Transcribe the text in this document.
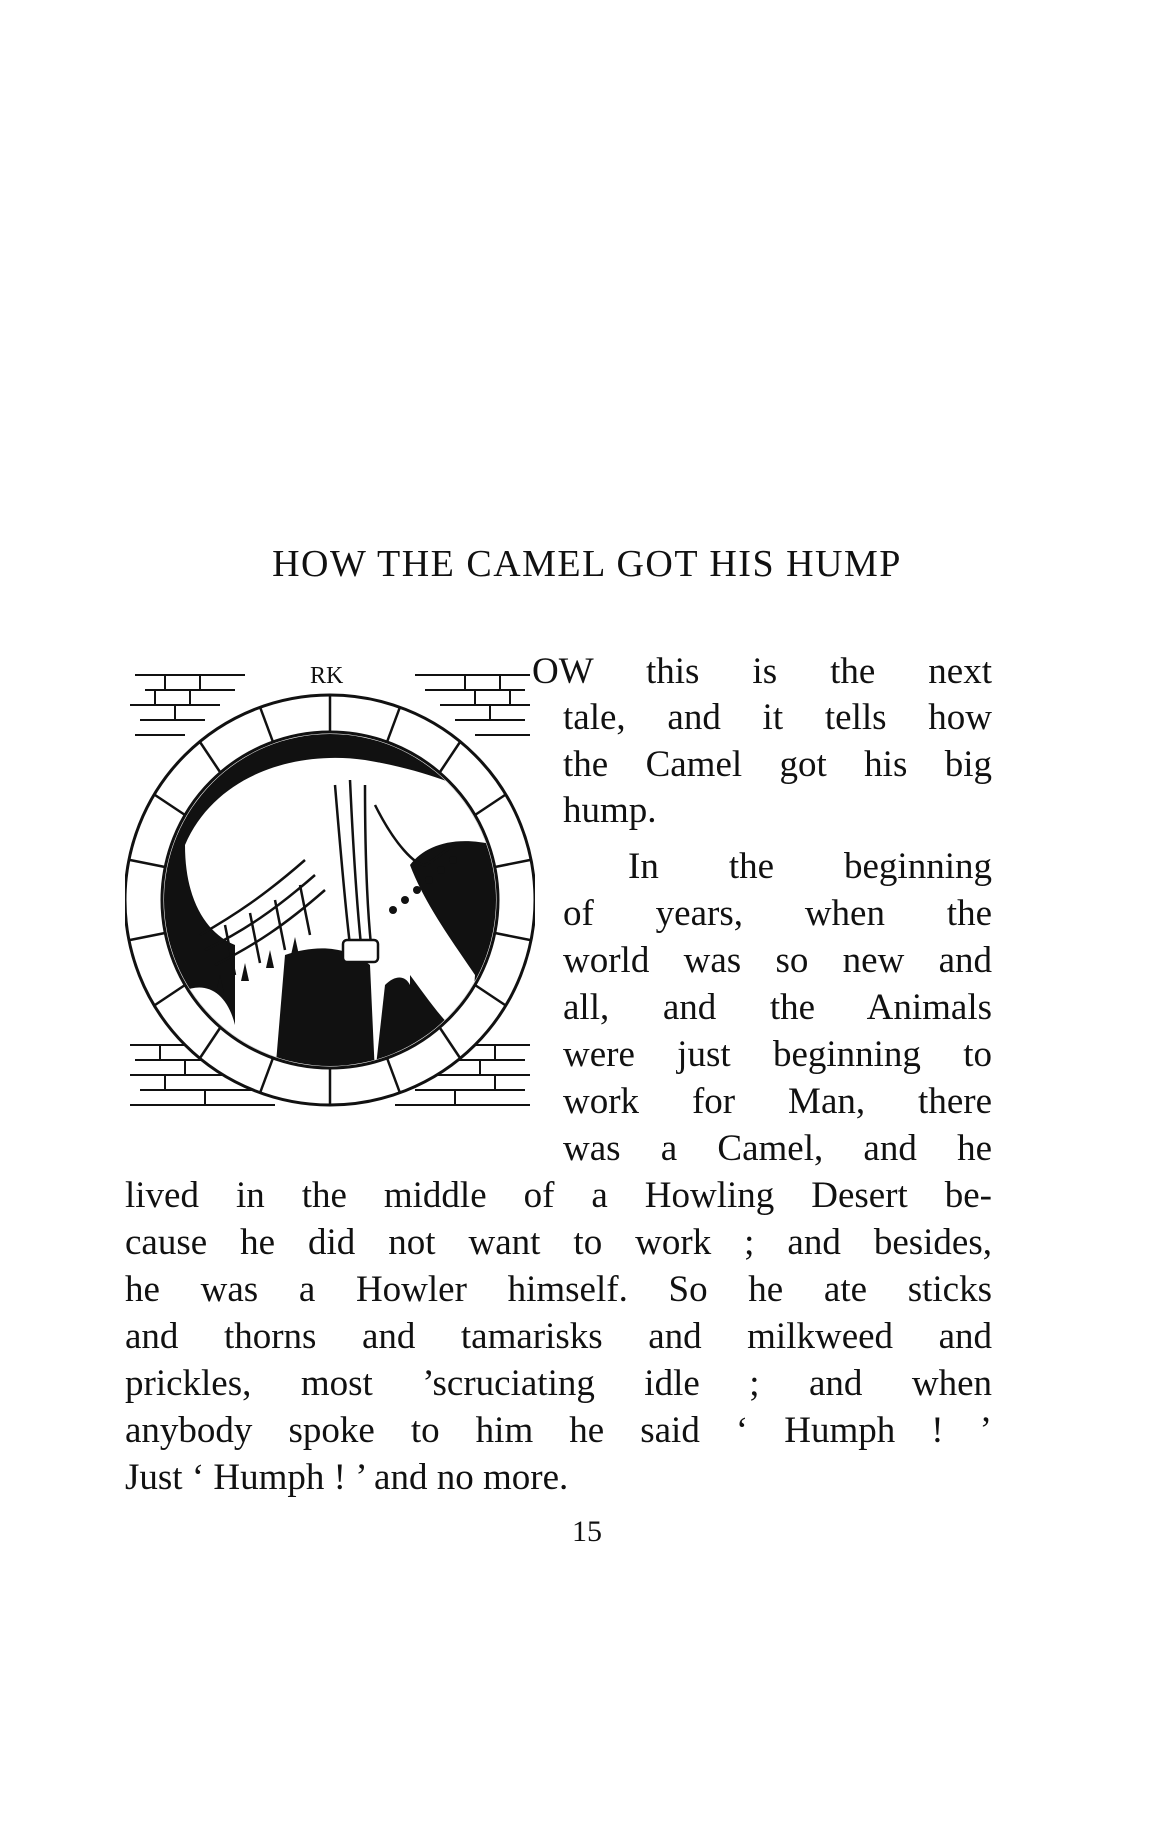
HOW THE CAMEL GOT HIS HUMP
RK	OW this is the next
tale, and it tells how
the Camel got his big
hump.
In the beginning
of years, when the
world was so new and
all, and the Animals
were just beginning to
work for Man, there
was a Camel, and he
lived in the middle of a Howling Desert be-
cause he did not want to work ; and besides,
he was a Howler himself. So he ate sticks
and thorns and tamarisks and milkweed and
prickles, most ’scruciating idle ; and when
anybody spoke to him he said ‘ Humph ! ’
Just ‘ Humph ! ’ and no more.
15
